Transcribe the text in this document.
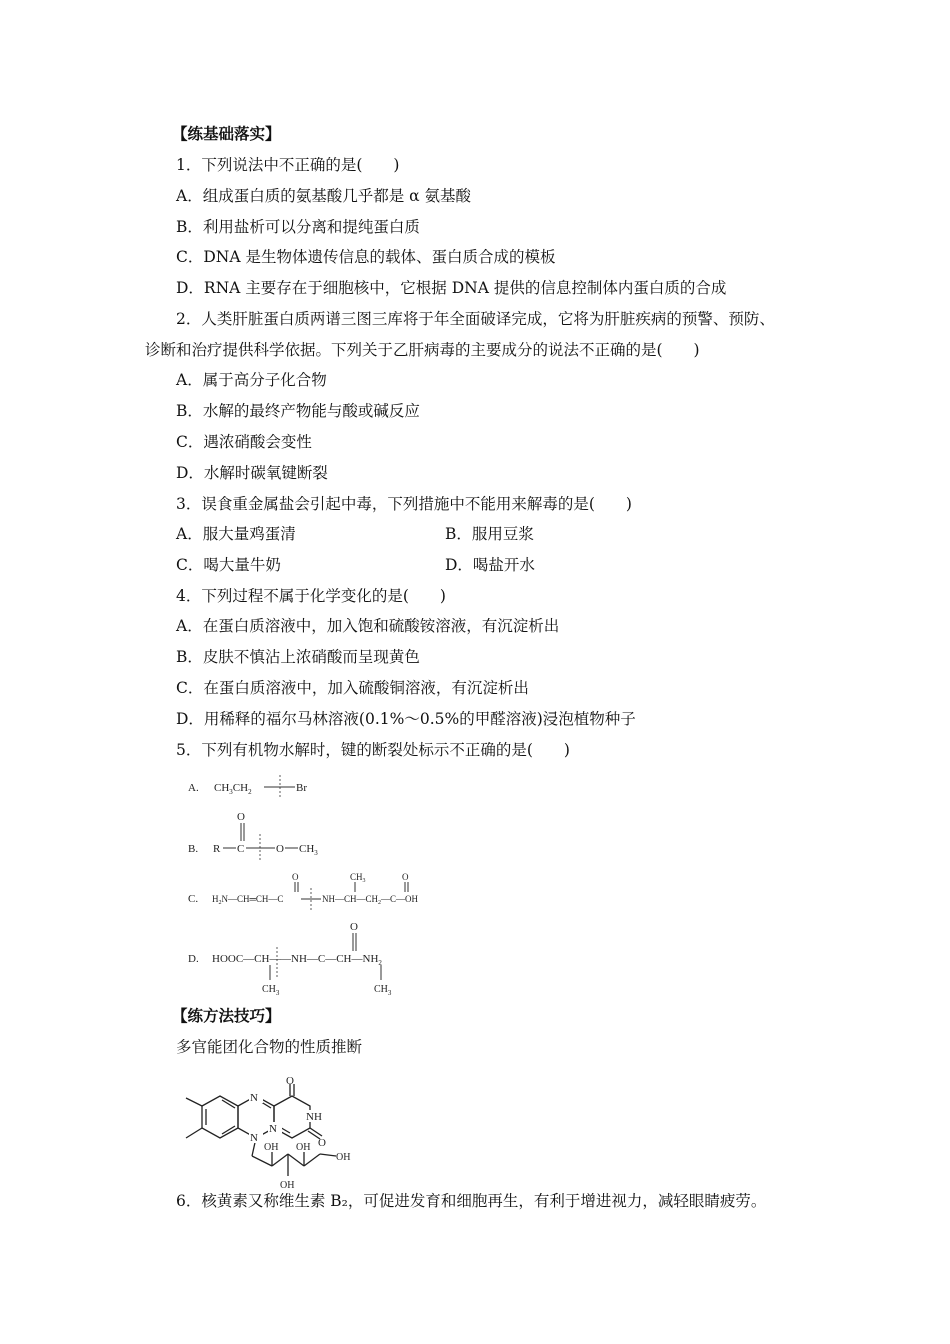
【练基础落实】
1．下列说法中不正确的是(　　)
A．组成蛋白质的氨基酸几乎都是 α 氨基酸
B．利用盐析可以分离和提纯蛋白质
C．DNA 是生物体遗传信息的载体、蛋白质合成的模板
D．RNA 主要存在于细胞核中，它根据 DNA 提供的信息控制体内蛋白质的合成
2．人类肝脏蛋白质两谱三图三库将于年全面破译完成，它将为肝脏疾病的预警、预防、
诊断和治疗提供科学依据。下列关于乙肝病毒的主要成分的说法不正确的是(　　)
A．属于高分子化合物
B．水解的最终产物能与酸或碱反应
C．遇浓硝酸会变性
D．水解时碳氧键断裂
3．误食重金属盐会引起中毒，下列措施中不能用来解毒的是(　　)
A．服大量鸡蛋清	B．服用豆浆
C．喝大量牛奶	D．喝盐开水
4．下列过程不属于化学变化的是(　　)
A．在蛋白质溶液中，加入饱和硫酸铵溶液，有沉淀析出
B．皮肤不慎沾上浓硝酸而呈现黄色
C．在蛋白质溶液中，加入硫酸铜溶液，有沉淀析出
D．用稀释的福尔马林溶液(0.1%～0.5%的甲醛溶液)浸泡植物种子
5．下列有机物水解时，键的断裂处标示不正确的是(　　)
A. $CH_3CH_2$	Br
B. R C
O
O $CH_3$
C. $H_2N—CH═CH—C$
O
$NH—CH—CH_2—C—OH$
$CH_3$	O
D. HOOC—CH— $—NH—C—CH—NH_2$
$CH_3$
O
$CH_3$
【练方法技巧】
多官能团化合物的性质推断
N
N
N
NH
O
O
OH
OH
OH
OH
6．核黄素又称维生素 B₂，可促进发育和细胞再生，有利于增进视力，减轻眼睛疲劳。
